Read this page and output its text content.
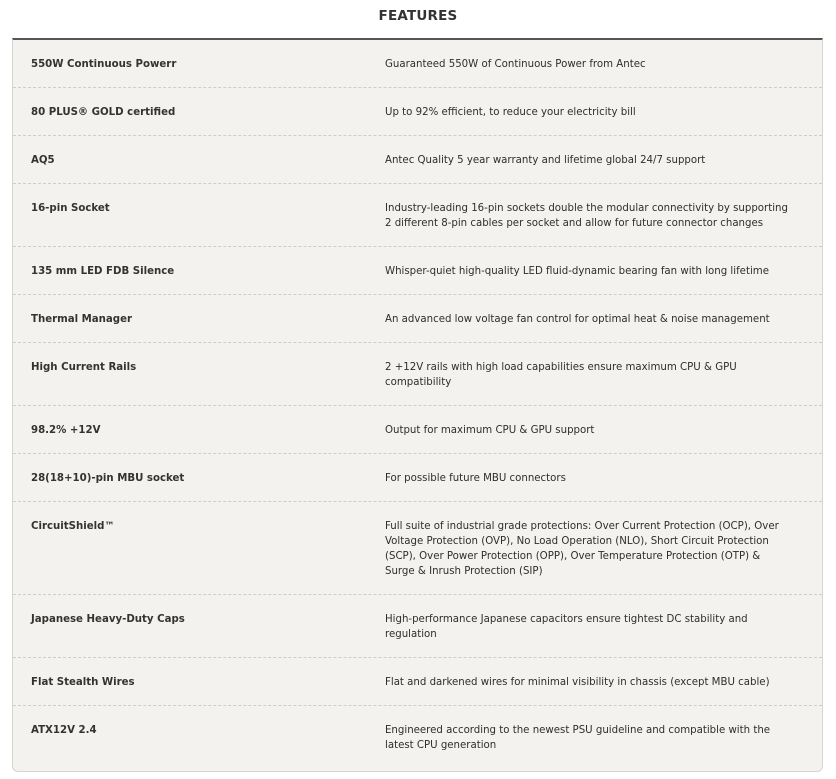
FEATURES
550W Continuous Powerr	Guaranteed 550W of Continuous Power from Antec
80 PLUS® GOLD certified	Up to 92% efficient, to reduce your electricity bill
AQ5	Antec Quality 5 year warranty and lifetime global 24/7 support
16-pin Socket	Industry-leading 16-pin sockets double the modular connectivity by supporting 2 different 8-pin cables per socket and allow for future connector changes
135 mm LED FDB Silence	Whisper-quiet high-quality LED fluid-dynamic bearing fan with long lifetime
Thermal Manager	An advanced low voltage fan control for optimal heat & noise management
High Current Rails	2 +12V rails with high load capabilities ensure maximum CPU & GPU compatibility
98.2% +12V	Output for maximum CPU & GPU support
28(18+10)-pin MBU socket	For possible future MBU connectors
CircuitShield™	Full suite of industrial grade protections: Over Current Protection (OCP), Over Voltage Protection (OVP), No Load Operation (NLO), Short Circuit Protection (SCP), Over Power Protection (OPP), Over Temperature Protection (OTP) & Surge & Inrush Protection (SIP)
Japanese Heavy-Duty Caps	High-performance Japanese capacitors ensure tightest DC stability and regulation
Flat Stealth Wires	Flat and darkened wires for minimal visibility in chassis (except MBU cable)
ATX12V 2.4	Engineered according to the newest PSU guideline and compatible with the latest CPU generation
